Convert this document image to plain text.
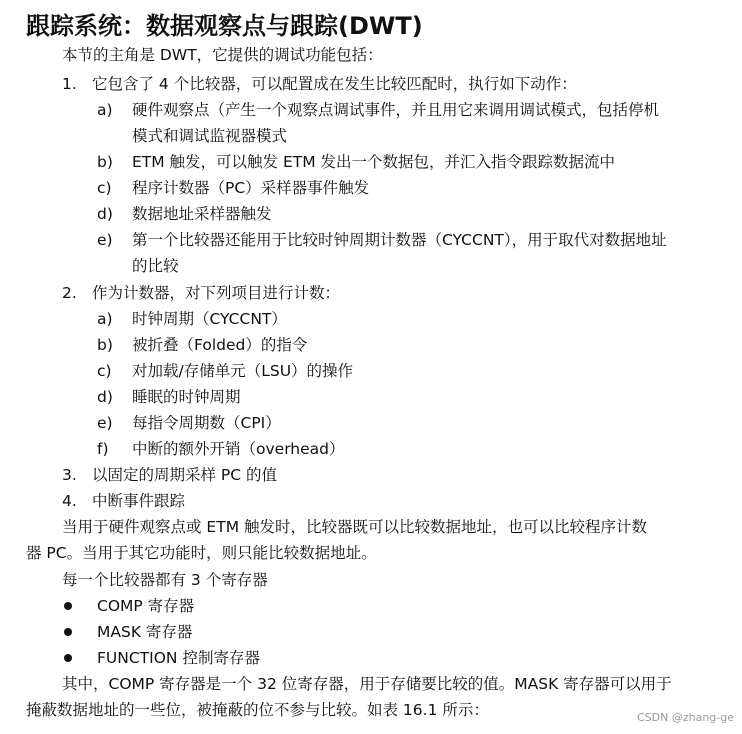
跟踪系统：数据观察点与跟踪(DWT)
本节的主角是 DWT，它提供的调试功能包括：
1. 它包含了 4 个比较器，可以配置成在发生比较匹配时，执行如下动作：
a) 硬件观察点（产生一个观察点调试事件，并且用它来调用调试模式，包括停机
模式和调试监视器模式
b) ETM 触发，可以触发 ETM 发出一个数据包，并汇入指令跟踪数据流中
c) 程序计数器（PC）采样器事件触发
d) 数据地址采样器触发
e) 第一个比较器还能用于比较时钟周期计数器（CYCCNT），用于取代对数据地址
的比较
2. 作为计数器，对下列项目进行计数：
a) 时钟周期（CYCCNT）
b) 被折叠（Folded）的指令
c) 对加载/存储单元（LSU）的操作
d) 睡眠的时钟周期
e) 每指令周期数（CPI）
f) 中断的额外开销（overhead）
3. 以固定的周期采样 PC 的值
4. 中断事件跟踪
当用于硬件观察点或 ETM 触发时，比较器既可以比较数据地址，也可以比较程序计数
器 PC。当用于其它功能时，则只能比较数据地址。
每一个比较器都有 3 个寄存器
COMP 寄存器
MASK 寄存器
FUNCTION 控制寄存器
其中，COMP 寄存器是一个 32 位寄存器，用于存储要比较的值。MASK 寄存器可以用于
掩蔽数据地址的一些位，被掩蔽的位不参与比较。如表 16.1 所示：	CSDN @zhang-ge
